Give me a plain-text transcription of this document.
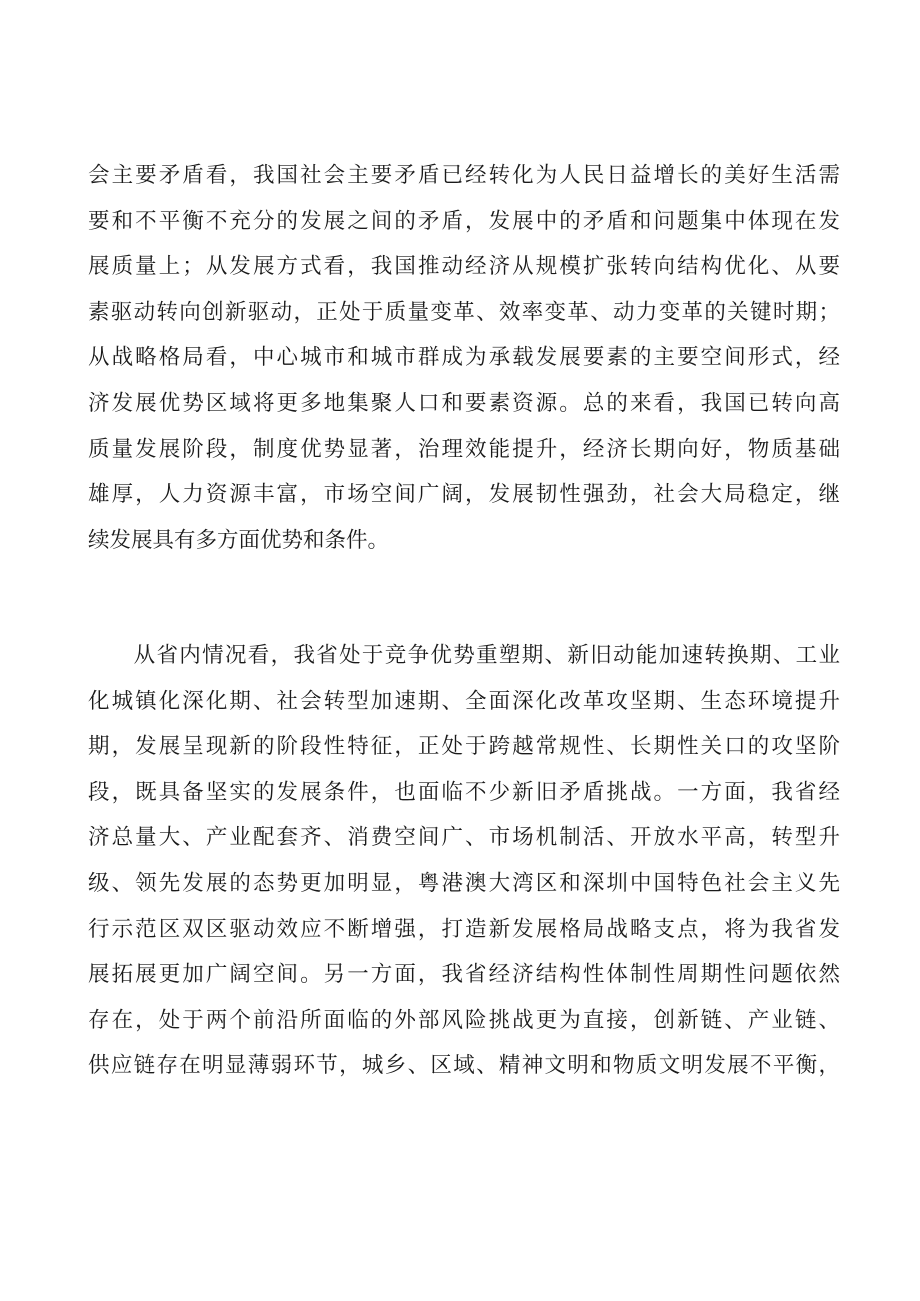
会主要矛盾看，我国社会主要矛盾已经转化为人民日益增长的美好生活需
要和不平衡不充分的发展之间的矛盾，发展中的矛盾和问题集中体现在发
展质量上；从发展方式看，我国推动经济从规模扩张转向结构优化、从要
素驱动转向创新驱动，正处于质量变革、效率变革、动力变革的关键时期；
从战略格局看，中心城市和城市群成为承载发展要素的主要空间形式，经
济发展优势区域将更多地集聚人口和要素资源。总的来看，我国已转向高
质量发展阶段，制度优势显著，治理效能提升，经济长期向好，物质基础
雄厚，人力资源丰富，市场空间广阔，发展韧性强劲，社会大局稳定，继
续发展具有多方面优势和条件。
　　从省内情况看，我省处于竞争优势重塑期、新旧动能加速转换期、工业
化城镇化深化期、社会转型加速期、全面深化改革攻坚期、生态环境提升
期，发展呈现新的阶段性特征，正处于跨越常规性、长期性关口的攻坚阶
段，既具备坚实的发展条件，也面临不少新旧矛盾挑战。一方面，我省经
济总量大、产业配套齐、消费空间广、市场机制活、开放水平高，转型升
级、领先发展的态势更加明显，粤港澳大湾区和深圳中国特色社会主义先
行示范区双区驱动效应不断增强，打造新发展格局战略支点，将为我省发
展拓展更加广阔空间。另一方面，我省经济结构性体制性周期性问题依然
存在，处于两个前沿所面临的外部风险挑战更为直接，创新链、产业链、
供应链存在明显薄弱环节，城乡、区域、精神文明和物质文明发展不平衡，
